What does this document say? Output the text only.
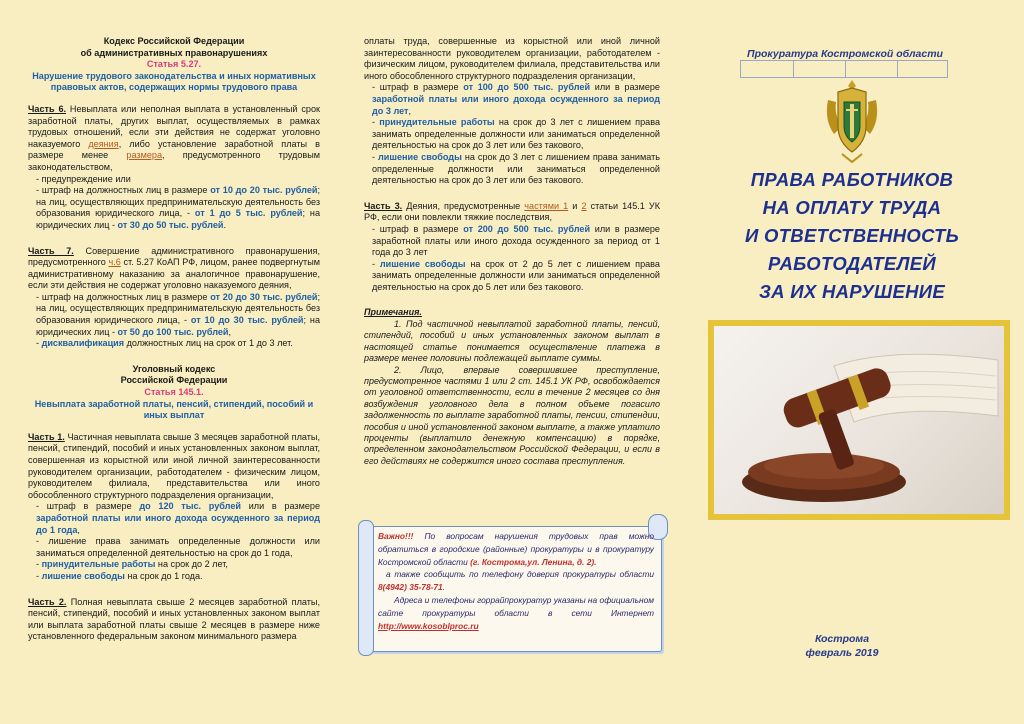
Кодекс Российской Федерации

об административных правонарушениях

Статья 5.27.

Нарушение трудового законодательства и иных нормативных правовых актов, содержащих нормы трудового права

Часть 6. Невыплата или неполная выплата в установленный срок заработной платы, других выплат, осуществляемых в рамках трудовых отношений, если эти действия не содержат уголовно наказуемого деяния, либо установление заработной платы в размере менее размера, предусмотренного трудовым законодательством,

- предупреждение или

- штраф на должностных лиц в размере от 10 до 20 тыс. рублей; на лиц, осуществляющих предпринимательскую деятельность без образования юридического лица, - от 1 до 5 тыс. рублей; на юридических лиц - от 30 до 50 тыс. рублей.

Часть 7. Совершение административного правонарушения, предусмотренного ч.6 ст. 5.27 КоАП РФ, лицом, ранее подвергнутым административному наказанию за аналогичное правонарушение, если эти действия не содержат уголовно наказуемого деяния,

- штраф на должностных лиц в размере от 20 до 30 тыс. рублей; на лиц, осуществляющих предпринимательскую деятельность без образования юридического лица, - от 10 до 30 тыс. рублей; на юридических лиц - от 50 до 100 тыс. рублей,

- дисквалификация должностных лиц на срок от 1 до 3 лет.

Уголовный кодекс

Российской Федерации

Статья 145.1.

Невыплата заработной платы, пенсий, стипендий, пособий и иных выплат

Часть 1. Частичная невыплата свыше 3 месяцев заработной платы, пенсий, стипендий, пособий и иных установленных законом выплат, совершенная из корыстной или иной личной заинтересованности руководителем организации, работодателем - физическим лицом, руководителем филиала, представительства или иного обособленного структурного подразделения организации,

- штраф в размере до 120 тыс. рублей или в размере заработной платы или иного дохода осужденного за период до 1 года,

- лишение права занимать определенные должности или заниматься определенной деятельностью на срок до 1 года,

- принудительные работы на срок до 2 лет,

- лишение свободы на срок до 1 года.

Часть 2. Полная невыплата свыше 2 месяцев заработной платы, пенсий, стипендий, пособий и иных установленных законом выплат или выплата заработной платы свыше 2 месяцев в размере ниже установленного федеральным законом минимального размера

оплаты труда, совершенные из корыстной или иной личной заинтересованности руководителем организации, работодателем - физическим лицом, руководителем филиала, представительства или иного обособленного структурного подразделения организации,

- штраф в размере от 100 до 500 тыс. рублей или в размере заработной платы или иного дохода осужденного за период до 3 лет,

- принудительные работы на срок до 3 лет с лишением права занимать определенные должности или заниматься определенной деятельностью на срок до 3 лет или без такового,

- лишение свободы на срок до 3 лет с лишением права занимать определенные должности или заниматься определенной деятельностью на срок до 3 лет или без такового.

Часть 3. Деяния, предусмотренные частями 1 и 2 статьи 145.1 УК РФ, если они повлекли тяжкие последствия,

- штраф в размере от 200 до 500 тыс. рублей или в размере заработной платы или иного дохода осужденного за период от 1 года до 3 лет

- лишение свободы на срок от 2 до 5 лет с лишением права занимать определенные должности или заниматься определенной деятельностью на срок до 5 лет или без такового.

Примечания.

1. Под частичной невыплатой заработной платы, пенсий, стипендий, пособий и иных установленных законом выплат в настоящей статье понимается осуществление платежа в размере менее половины подлежащей выплате суммы.

2. Лицо, впервые совершившее преступление, предусмотренное частями 1 или 2 ст. 145.1 УК РФ, освобождается от уголовной ответственности, если в течение 2 месяцев со дня возбуждения уголовного дела в полном объеме погасило задолженность по выплате заработной платы, пенсии, стипендии, пособия и иной установленной законом выплате, а также уплатило проценты (выплатило денежную компенсацию) в порядке, определенном законодательством Российской Федерации, и если в его действиях не содержится иного состава преступления.

Важно!!! По вопросам нарушения трудовых прав можно обратиться в городские (районные) прокуратуры и в прокуратуру Костромской области (г. Кострома,ул. Ленина, д. 2).

а также сообщить по телефону доверия прокуратуры области 8(4942) 35-78-71.

Адреса и телефоны горрайпрокуратур указаны на официальном сайте прокуратуры области в сети Интернет http://www.kosoblproc.ru

Прокуратура Костромской области
ПРАВА РАБОТНИКОВ
НА ОПЛАТУ ТРУДА
И ОТВЕТСТВЕННОСТЬ
РАБОТОДАТЕЛЕЙ
ЗА ИХ НАРУШЕНИЕ
Кострома
февраль 2019
